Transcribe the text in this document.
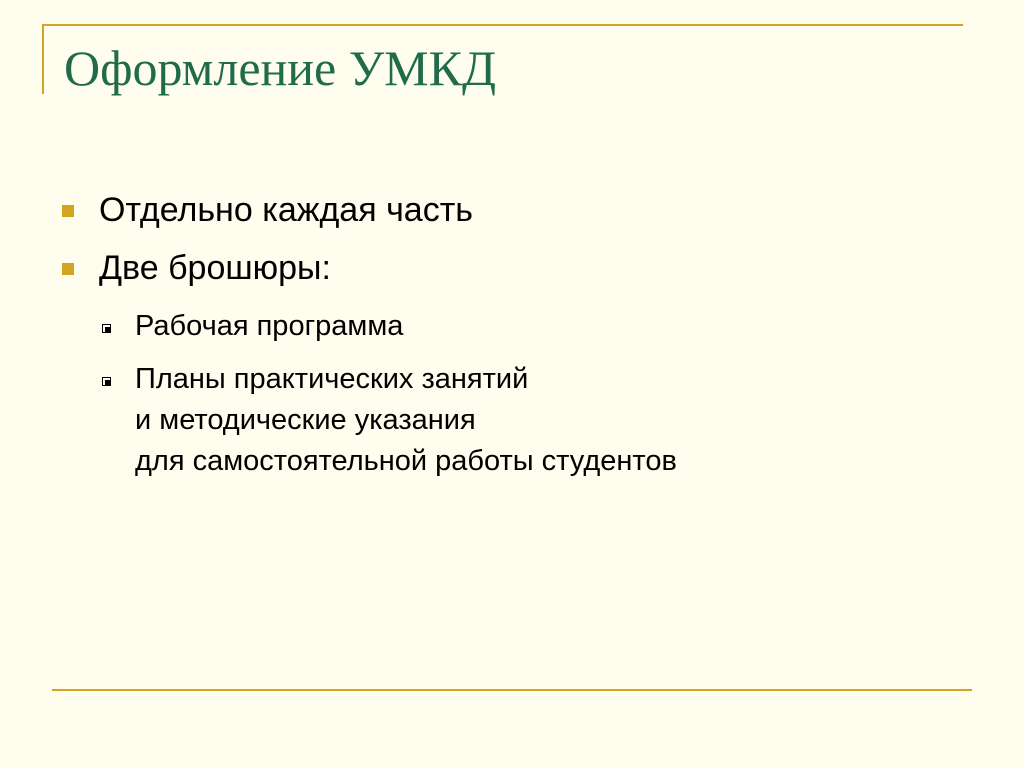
Оформление УМКД
Отдельно каждая часть
Две брошюры:
Рабочая программа
Планы практических занятий
и методические указания
для самостоятельной работы студентов
